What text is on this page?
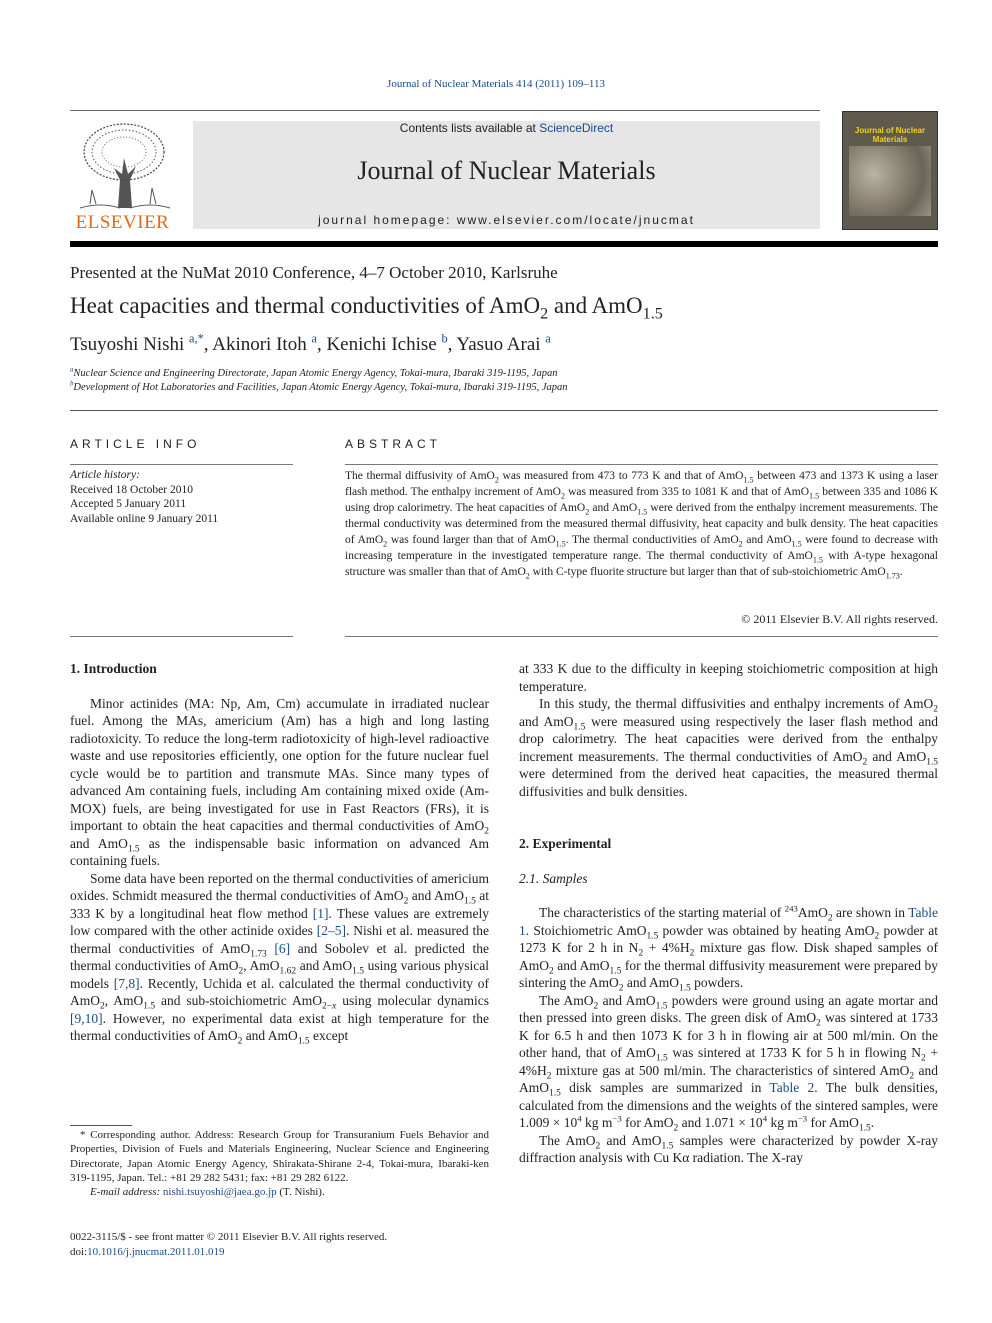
Journal of Nuclear Materials 414 (2011) 109–113
ELSEVIER
Contents lists available at ScienceDirect
Journal of Nuclear Materials
journal homepage: www.elsevier.com/locate/jnucmat
Journal of Nuclear Materials
Presented at the NuMat 2010 Conference, 4–7 October 2010, Karlsruhe
Heat capacities and thermal conductivities of AmO$_2$ and AmO$_{1.5}$
Tsuyoshi Nishi $^{a,*}$, Akinori Itoh $^a$, Kenichi Ichise $^b$, Yasuo Arai $^a$
$^a$Nuclear Science and Engineering Directorate, Japan Atomic Energy Agency, Tokai-mura, Ibaraki 319-1195, Japan
$^b$Development of Hot Laboratories and Facilities, Japan Atomic Energy Agency, Tokai-mura, Ibaraki 319-1195, Japan
ARTICLE INFO	ABSTRACT
Article history:
Received 18 October 2010
Accepted 5 January 2011
Available online 9 January 2011
The thermal diffusivity of AmO$_2$ was measured from 473 to 773 K and that of AmO$_{1.5}$ between 473 and 1373 K using a laser flash method. The enthalpy increment of AmO$_2$ was measured from 335 to 1081 K and that of AmO$_{1.5}$ between 335 and 1086 K using drop calorimetry. The heat capacities of AmO$_2$ and AmO$_{1.5}$ were derived from the enthalpy increment measurements. The thermal conductivity was determined from the measured thermal diffusivity, heat capacity and bulk density. The heat capacities of AmO$_2$ was found larger than that of AmO$_{1.5}$. The thermal conductivities of AmO$_2$ and AmO$_{1.5}$ were found to decrease with increasing temperature in the investigated temperature range. The thermal conductivity of AmO$_{1.5}$ with A-type hexagonal structure was smaller than that of AmO$_2$ with C-type fluorite structure but larger than that of sub-stoichiometric AmO$_{1.73}$.
© 2011 Elsevier B.V. All rights reserved.
1. Introduction

Minor actinides (MA: Np, Am, Cm) accumulate in irradiated nuclear fuel. Among the MAs, americium (Am) has a high and long lasting radiotoxicity. To reduce the long-term radiotoxicity of high-level radioactive waste and use repositories efficiently, one option for the future nuclear fuel cycle would be to partition and transmute MAs. Since many types of advanced Am containing fuels, including Am containing mixed oxide (Am-MOX) fuels, are being investigated for use in Fast Reactors (FRs), it is important to obtain the heat capacities and thermal conductivities of AmO$_2$ and AmO$_{1.5}$ as the indispensable basic information on advanced Am containing fuels.

Some data have been reported on the thermal conductivities of americium oxides. Schmidt measured the thermal conductivities of AmO$_2$ and AmO$_{1.5}$ at 333 K by a longitudinal heat flow method [1]. These values are extremely low compared with the other actinide oxides [2–5]. Nishi et al. measured the thermal conductivities of AmO$_{1.73}$ [6] and Sobolev et al. predicted the thermal conductivities of AmO$_2$, AmO$_{1.62}$ and AmO$_{1.5}$ using various physical models [7,8]. Recently, Uchida et al. calculated the thermal conductivity of AmO$_2$, AmO$_{1.5}$ and sub-stoichiometric AmO$_{2-x}$ using molecular dynamics [9,10]. However, no experimental data exist at high temperature for the thermal conductivities of AmO$_2$ and AmO$_{1.5}$ except

at 333 K due to the difficulty in keeping stoichiometric composition at high temperature.

In this study, the thermal diffusivities and enthalpy increments of AmO$_2$ and AmO$_{1.5}$ were measured using respectively the laser flash method and drop calorimetry. The heat capacities were derived from the enthalpy increment measurements. The thermal conductivities of AmO$_2$ and AmO$_{1.5}$ were determined from the derived heat capacities, the measured thermal diffusivities and bulk densities.

2. Experimental
2.1. Samples

The characteristics of the starting material of $^{243}$AmO$_2$ are shown in Table 1. Stoichiometric AmO$_{1.5}$ powder was obtained by heating AmO$_2$ powder at 1273 K for 2 h in $N_2 + 4\%H_2$ mixture gas flow. Disk shaped samples of AmO$_2$ and AmO$_{1.5}$ for the thermal diffusivity measurement were prepared by sintering the AmO$_2$ and AmO$_{1.5}$ powders.

The AmO$_2$ and AmO$_{1.5}$ powders were ground using an agate mortar and then pressed into green disks. The green disk of AmO$_2$ was sintered at 1733 K for 6.5 h and then 1073 K for 3 h in flowing air at 500 ml/min. On the other hand, that of AmO$_{1.5}$ was sintered at 1733 K for 5 h in flowing $N_2 + 4\%H_2$ mixture gas at 500 ml/min. The characteristics of sintered AmO$_2$ and AmO$_{1.5}$ disk samples are summarized in Table 2. The bulk densities, calculated from the dimensions and the weights of the sintered samples, were $1.009 \times 10^4$ kg $m^{-3}$ for AmO$_2$ and $1.071 \times 10^4$ kg $m^{-3}$ for AmO$_{1.5}$.

The AmO$_2$ and AmO$_{1.5}$ samples were characterized by powder X-ray diffraction analysis with Cu Kα radiation. The X-ray

* Corresponding author. Address: Research Group for Transuranium Fuels Behavior and Properties, Division of Fuels and Materials Engineering, Nuclear Science and Engineering Directorate, Japan Atomic Energy Agency, Shirakata-Shirane 2-4, Tokai-mura, Ibaraki-ken 319-1195, Japan. Tel.: +81 29 282 5431; fax: +81 29 282 6122.

E-mail address: nishi.tsuyoshi@jaea.go.jp (T. Nishi).
0022-3115/$ - see front matter © 2011 Elsevier B.V. All rights reserved.
doi:10.1016/j.jnucmat.2011.01.019
